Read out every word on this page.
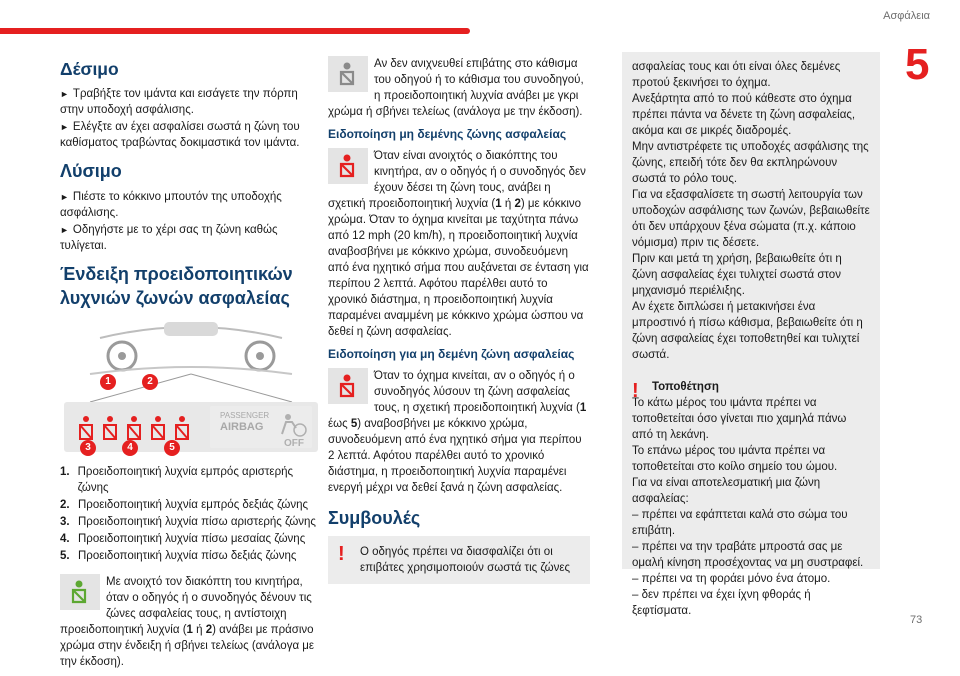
Ασφάλεια
5
73
Δέσιμο

► Τραβήξτε τον ιμάντα και εισάγετε την πόρπη στην υποδοχή ασφάλισης.

► Ελέγξτε αν έχει ασφαλίσει σωστά η ζώνη του καθίσματος τραβώντας δοκιμαστικά τον ιμάντα.

Λύσιμο

► Πιέστε το κόκκινο μπουτόν της υποδοχής ασφάλισης.

► Οδηγήστε με το χέρι σας τη ζώνη καθώς τυλίγεται.

Ένδειξη προειδοποιητικών λυχνιών ζωνών ασφαλείας
PASSENGER
AIRBAG
OFF
1	2
3	4	5
1. Προειδοποιητική λυχνία εμπρός αριστερής ζώνης
2. Προειδοποιητική λυχνία εμπρός δεξιάς ζώνης
3. Προειδοποιητική λυχνία πίσω αριστερής ζώνης
4. Προειδοποιητική λυχνία πίσω μεσαίας ζώνης
5. Προειδοποιητική λυχνία πίσω δεξιάς ζώνης

Με ανοιχτό τον διακόπτη του κινητήρα, όταν ο οδηγός ή ο συνοδηγός δένουν τις ζώνες ασφαλείας τους, η αντίστοιχη προειδοποιητική λυχνία (1 ή 2) ανάβει με πράσινο χρώμα στην ένδειξη ή σβήνει τελείως (ανάλογα με την έκδοση).

Αν δεν ανιχνευθεί επιβάτης στο κάθισμα του οδηγού ή το κάθισμα του συνοδηγού, η προειδοποιητική λυχνία ανάβει με γκρι χρώμα ή σβήνει τελείως (ανάλογα με την έκδοση).

Ειδοποίηση μη δεμένης ζώνης ασφαλείας

Όταν είναι ανοιχτός ο διακόπτης του κινητήρα, αν ο οδηγός ή ο συνοδηγός δεν έχουν δέσει τη ζώνη τους, ανάβει η σχετική προειδοποιητική λυχνία (1 ή 2) με κόκκινο χρώμα. Όταν το όχημα κινείται με ταχύτητα πάνω από 12 mph (20 km/h), η προειδοποιητική λυχνία αναβοσβήνει με κόκκινο χρώμα, συνοδευόμενη από ένα ηχητικό σήμα που αυξάνεται σε ένταση για περίπου 2 λεπτά. Αφότου παρέλθει αυτό το χρονικό διάστημα, η προειδοποιητική λυχνία παραμένει αναμμένη με κόκκινο χρώμα ώσπου να δεθεί η ζώνη ασφαλείας.

Ειδοποίηση για μη δεμένη ζώνη ασφαλείας

Όταν το όχημα κινείται, αν ο οδηγός ή ο συνοδηγός λύσουν τη ζώνη ασφαλείας τους, η σχετική προειδοποιητική λυχνία (1 έως 5) αναβοσβήνει με κόκκινο χρώμα, συνοδευόμενη από ένα ηχητικό σήμα για περίπου 2 λεπτά. Αφότου παρέλθει αυτό το χρονικό διάστημα, η προειδοποιητική λυχνία παραμένει ενεργή μέχρι να δεθεί ξανά η ζώνη ασφαλείας.

Συμβουλές
! Ο οδηγός πρέπει να διασφαλίζει ότι οι επιβάτες χρησιμοποιούν σωστά τις ζώνες

ασφαλείας τους και ότι είναι όλες δεμένες προτού ξεκινήσει το όχημα.

Ανεξάρτητα από το πού κάθεστε στο όχημα πρέπει πάντα να δένετε τη ζώνη ασφαλείας, ακόμα και σε μικρές διαδρομές.

Μην αντιστρέφετε τις υποδοχές ασφάλισης της ζώνης, επειδή τότε δεν θα εκπληρώνουν σωστά το ρόλο τους.

Για να εξασφαλίσετε τη σωστή λειτουργία των υποδοχών ασφάλισης των ζωνών, βεβαιωθείτε ότι δεν υπάρχουν ξένα σώματα (π.χ. κάποιο νόμισμα) πριν τις δέσετε.

Πριν και μετά τη χρήση, βεβαιωθείτε ότι η ζώνη ασφαλείας έχει τυλιχτεί σωστά στον μηχανισμό περιέλιξης.

Αν έχετε διπλώσει ή μετακινήσει ένα μπροστινό ή πίσω κάθισμα, βεβαιωθείτε ότι η ζώνη ασφαλείας έχει τοποθετηθεί και τυλιχτεί σωστά.

! Τοποθέτηση

Το κάτω μέρος του ιμάντα πρέπει να τοποθετείται όσο γίνεται πιο χαμηλά πάνω από τη λεκάνη.

Το επάνω μέρος του ιμάντα πρέπει να τοποθετείται στο κοίλο σημείο του ώμου.

Για να είναι αποτελεσματική μια ζώνη ασφαλείας:

– πρέπει να εφάπτεται καλά στο σώμα του επιβάτη.

– πρέπει να την τραβάτε μπροστά σας με ομαλή κίνηση προσέχοντας να μη συστραφεί.

– πρέπει να τη φοράει μόνο ένα άτομο.

– δεν πρέπει να έχει ίχνη φθοράς ή ξεφτίσματα.
